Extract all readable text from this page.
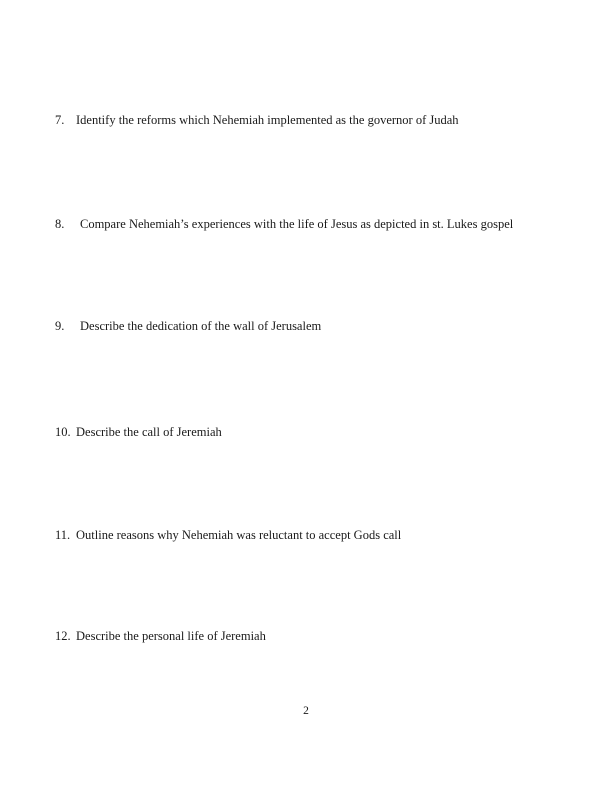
7. Identify the reforms which Nehemiah implemented as the governor of Judah
8. Compare Nehemiah’s experiences with the life of Jesus as depicted in st. Lukes gospel
9. Describe the dedication of the wall of Jerusalem
10. Describe the call of Jeremiah
11. Outline reasons why Nehemiah was reluctant to accept Gods call
12. Describe the personal life of Jeremiah
2
